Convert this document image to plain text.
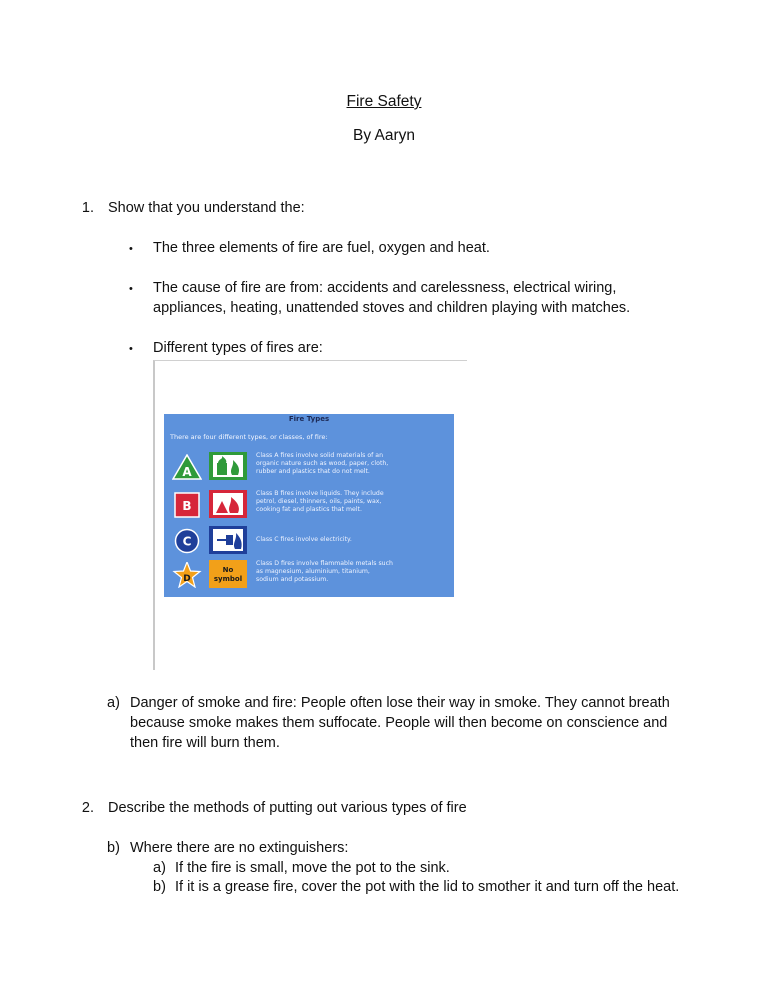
Fire Safety
By Aaryn
1. Show that you understand the:
• The three elements of fire are fuel, oxygen and heat.
• The cause of fire are from: accidents and carelessness, electrical wiring,
appliances, heating, unattended stoves and children playing with matches.
• Different types of fires are:
Fire Types
There are four different types, or classes, of fire:
A
Class A fires involve solid materials of an
organic nature such as wood, paper, cloth,
rubber and plastics that do not melt.
B
Class B fires involve liquids. They include
petrol, diesel, thinners, oils, paints, wax,
cooking fat and plastics that melt.
C	Class C fires involve electricity.
D
No
symbol
Class D fires involve flammable metals such
as magnesium, aluminium, titanium,
sodium and potassium.
a) Danger of smoke and fire: People often lose their way in smoke. They cannot breath
because smoke makes them suffocate. People will then become on conscience and
then fire will burn them.
2. Describe the methods of putting out various types of fire
b) Where there are no extinguishers:
a) If the fire is small, move the pot to the sink.
b) If it is a grease fire, cover the pot with the lid to smother it and turn off the heat.
